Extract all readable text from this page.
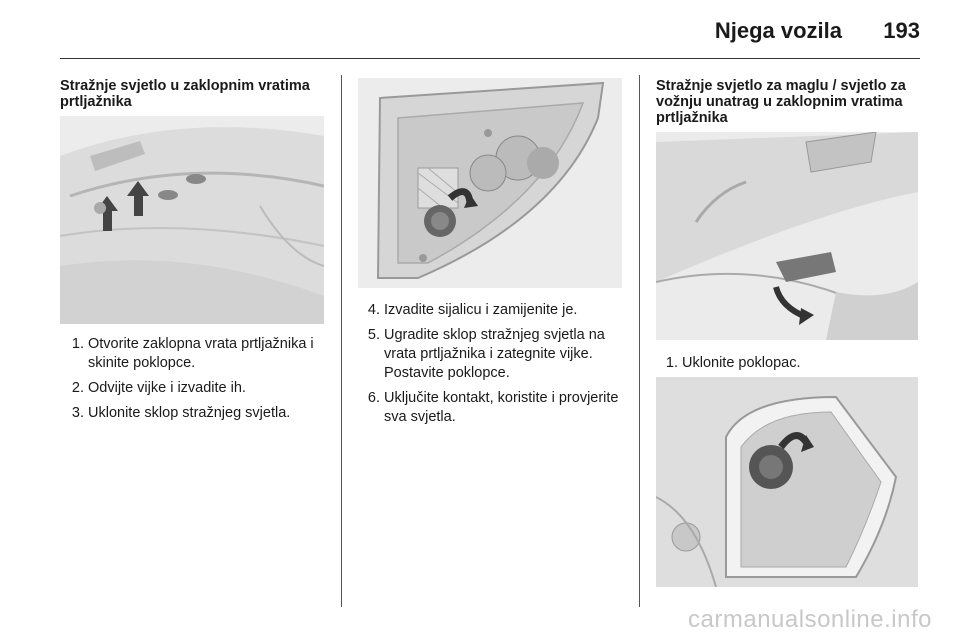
Njega vozila 193
Stražnje svjetlo u zaklopnim vratima prtljažnika
1. Otvorite zaklopna vrata prtljažnika i skinite poklopce.
2. Odvijte vijke i izvadite ih.
3. Uklonite sklop stražnjeg svjetla.
4. Izvadite sijalicu i zamijenite je.
5. Ugradite sklop stražnjeg svjetla na vrata prtljažnika i zategnite vijke. Postavite poklopce.
6. Uključite kontakt, koristite i provjerite sva svjetla.
Stražnje svjetlo za maglu / svjetlo za vožnju unatrag u zaklopnim vratima prtljažnika
1. Uklonite poklopac.
carmanualsonline.info
